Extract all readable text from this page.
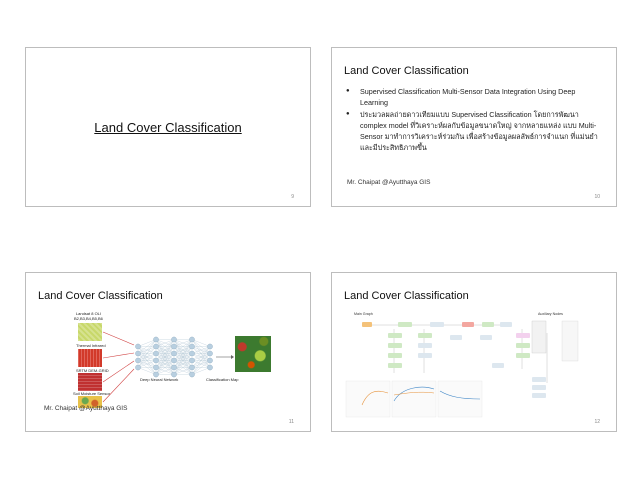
Land Cover Classification
9
Land Cover Classification
● Supervised Classification Multi-Sensor Data Integration Using Deep Learning
● ประมวลผลถ่ายดาวเทียมแบบ Supervised Classification โดยการพัฒนา complex model ที่วิเคราะห์ผลกับข้อมูลขนาดใหญ่ จากหลายแหล่ง แบบ Multi-Sensor มาทำการวิเคราะห์ร่วมกัน เพื่อสร้างข้อมูลผลลัพธ์การจำแนก ที่แม่นยำและมีประสิทธิภาพขึ้น
Mr. Chaipat @Ayutthaya GIS
10
Land Cover Classification
Landsat 8 OLI
B2,B3,B4,B5,B6
Thermal Infrared
SRTM DEM-GRID
Soil Moisture Sensor
Deep Neural Network	Classification Map
Mr. Chaipat @Ayutthaya GIS
11
Land Cover Classification
Main Graph	Auxiliary Nodes
12
